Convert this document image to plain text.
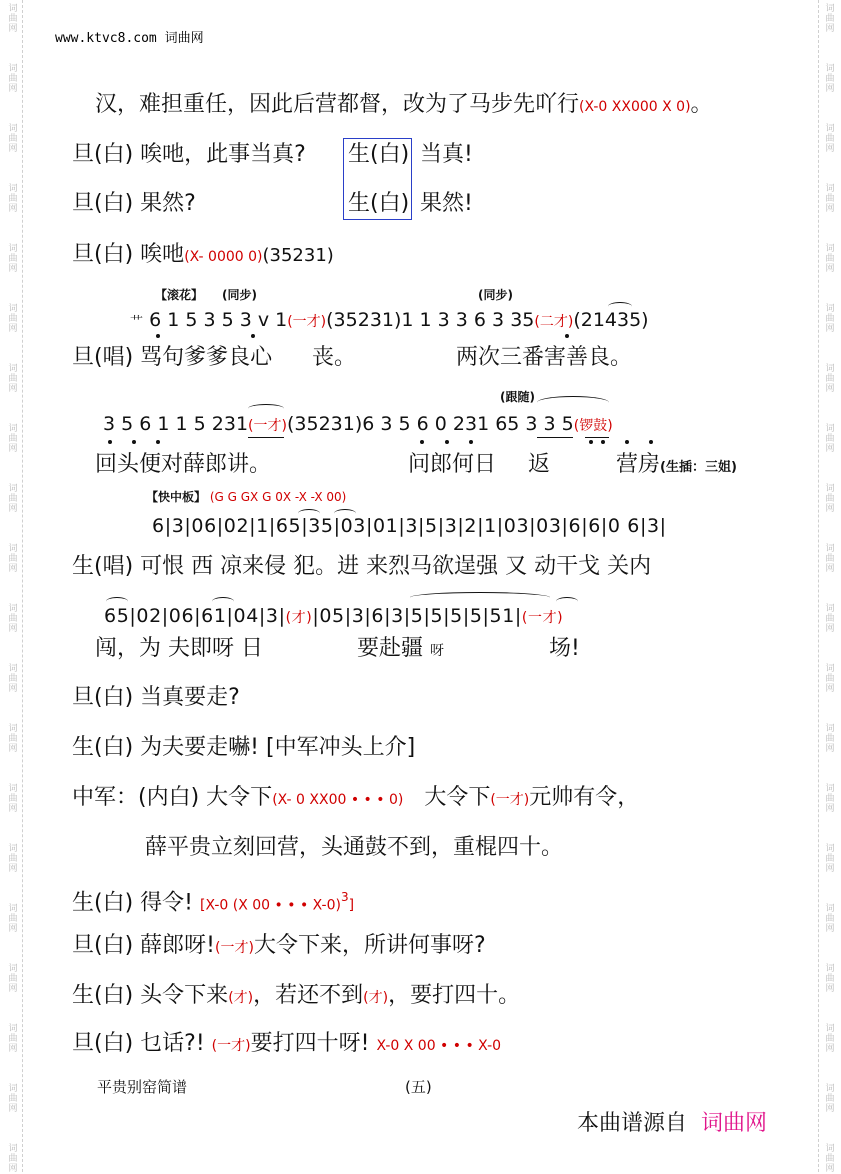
词
曲
网
词
曲
网
词
曲
网
词
曲
网
词
曲
网
词
曲
网
词
曲
网
词
曲
网
词
曲
网
词
曲
网
词
曲
网
词
曲
网
词
曲
网
词
曲
网
词
曲
网
词
曲
网
词
曲
网
词
曲
网
词
曲
网
词
曲
网
词
曲
网
词
曲
网
词
曲
网
词
曲
网
词
曲
网
词
曲
网
词
曲
网
词
曲
网
词
曲
网
词
曲
网
词
曲
网
词
曲
网
词
曲
网
词
曲
网
词
曲
网
词
曲
网
词
曲
网
词
曲
网
词
曲
网
词
曲
网
www.ktvc8.com 词曲网
汉，难担重任，因此后营都督，改为了马步先吖行(X-0 XX000 X 0)。
旦(白) 唉吔，此事当真? 生(白) 当真!
旦(白) 果然?	生(白) 果然!
旦(白) 唉吔(X- 0000 0)(35231)
【滚花】 (同步)	(同步)
⺾ 6 1 5 3 5 3 v 1(一才)(35231)1 1 3 3 6 3 35(二才)(21435)
旦(唱) 骂句爹爹良心 丧。	两次三番害善良。
(跟随)
3 5 6 1 1 5 231(一才)(35231)6 3 5 6 0 231 65 3 3 5(锣鼓)
回头便对薛郎讲。	问郎何日 返	营房(生插：三姐)
【快中板】 (G G GX G 0X -X -X 00)
6|3|06|02|1|65|35|03|01|3|5|3|2|1|03|03|6|6|0 6|3|
生(唱) 可恨 西 凉来侵 犯。进 来烈马欲逞强 又 动干戈 关内
65|02|06|61|04|3|(才)|05|3|6|3|5|5|5|5|51|(一才)
闯，为 夫即呀 日	要赴疆 呀	场!
旦(白) 当真要走?
生(白) 为夫要走嚇! [中军冲头上介]
中军：(内白) 大令下(X- 0 XX00 • • • 0) 大令下(一才)元帅有令，
薛平贵立刻回营，头通鼓不到，重棍四十。
生(白) 得令! [X-0 (X 00 • • • X-0)$^3$]
旦(白) 薛郎呀!(一才)大令下来，所讲何事呀?
生(白) 头令下来(才)，若还不到(才)，要打四十。
旦(白) 乜话?! (一才)要打四十呀! X-0 X 00 • • • X-0
平贵别窑简谱	(五)
本曲谱源自 词曲网
